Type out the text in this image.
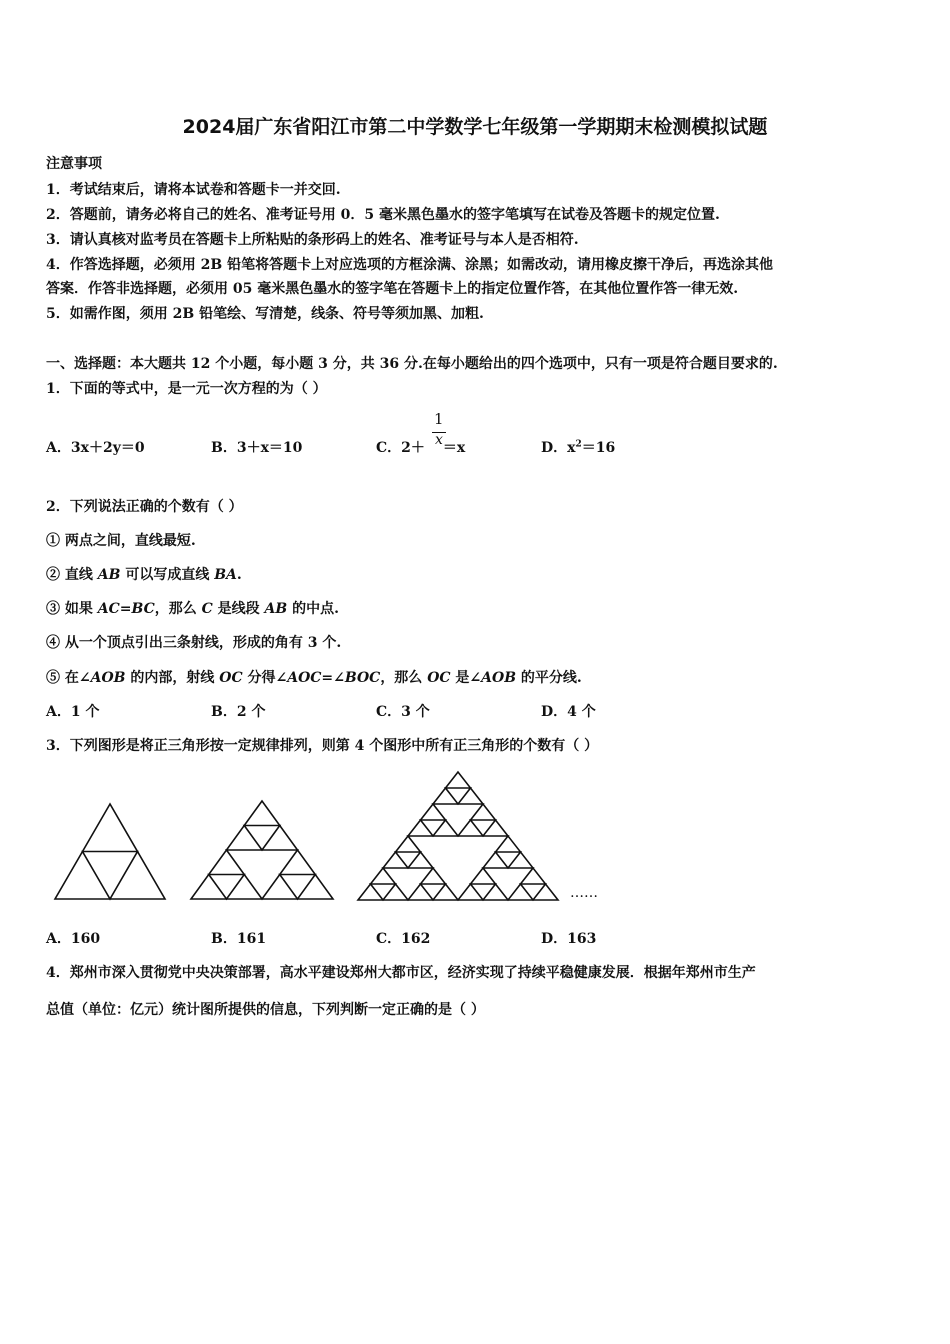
2024届广东省阳江市第二中学数学七年级第一学期期末检测模拟试题
注意事项
1．考试结束后，请将本试卷和答题卡一并交回.
2．答题前，请务必将自己的姓名、准考证号用 0．5 毫米黑色墨水的签字笔填写在试卷及答题卡的规定位置.
3．请认真核对监考员在答题卡上所粘贴的条形码上的姓名、准考证号与本人是否相符.
4．作答选择题，必须用 2B 铅笔将答题卡上对应选项的方框涂满、涂黑；如需改动，请用橡皮擦干净后，再选涂其他
答案．作答非选择题，必须用 05 毫米黑色墨水的签字笔在答题卡上的指定位置作答，在其他位置作答一律无效.
5．如需作图，须用 2B 铅笔绘、写清楚，线条、符号等须加黑、加粗.
一、选择题：本大题共 12 个小题，每小题 3 分，共 36 分.在每小题给出的四个选项中，只有一项是符合题目要求的.
1．下面的等式中，是一元一次方程的为（ ）
A．3x＋2y＝0	B．3＋x＝10	C．2＋ ＝x
1
x	D．$x^2=16$
2．下列说法正确的个数有（ ）
① 两点之间，直线最短.
② 直线 AB 可以写成直线 BA.
③ 如果 AC=BC，那么 C 是线段 AB 的中点.
④ 从一个顶点引出三条射线，形成的角有 3 个.
⑤ 在∠AOB 的内部，射线 OC 分得∠AOC=∠BOC，那么 OC 是∠AOB 的平分线.
A．1 个	B．2 个	C．3 个	D．4 个
3．下列图形是将正三角形按一定规律排列，则第 4 个图形中所有正三角形的个数有（ ）
……
A．160	B．161	C．162	D．163
4．郑州市深入贯彻党中央决策部署，高水平建设郑州大都市区，经济实现了持续平稳健康发展．根据年郑州市生产
总值（单位：亿元）统计图所提供的信息，下列判断一定正确的是（ ）
